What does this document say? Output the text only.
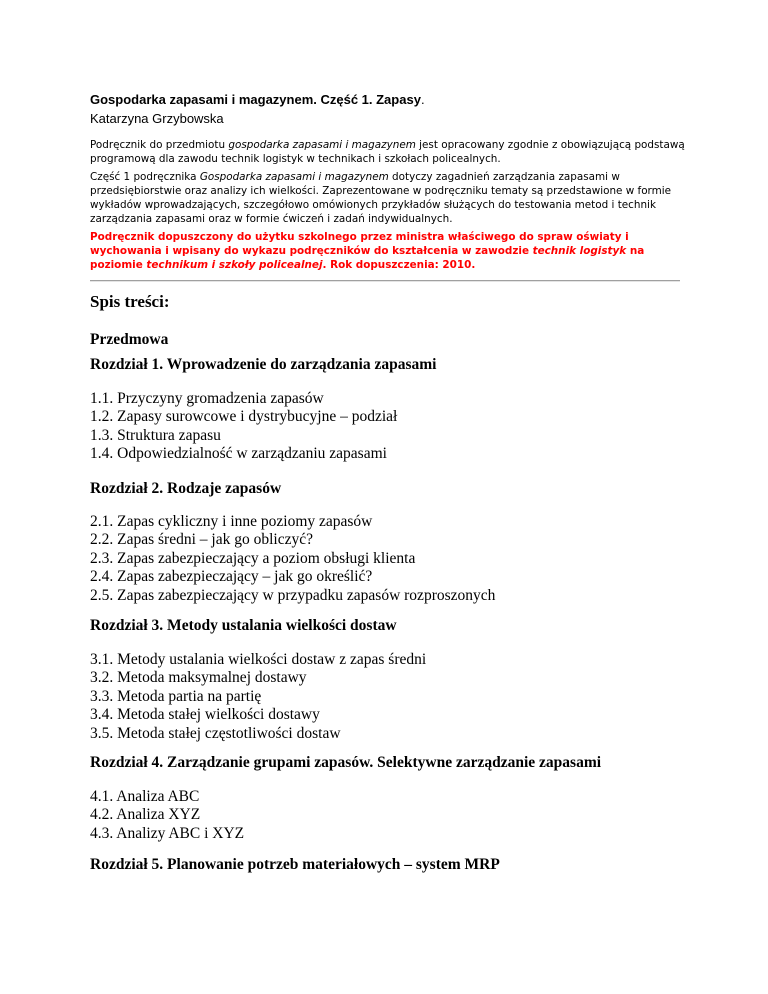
Gospodarka zapasami i magazynem. Część 1. Zapasy.
Katarzyna Grzybowska

Podręcznik do przedmiotu gospodarka zapasami i magazynem jest opracowany zgodnie z obowiązującą podstawą programową dla zawodu technik logistyk w technikach i szkołach policealnych.

Część 1 podręcznika Gospodarka zapasami i magazynem dotyczy zagadnień zarządzania zapasami w przedsiębiorstwie oraz analizy ich wielkości. Zaprezentowane w podręczniku tematy są przedstawione w formie wykładów wprowadzających, szczegółowo omówionych przykładów służących do testowania metod i technik zarządzania zapasami oraz w formie ćwiczeń i zadań indywidualnych.

Podręcznik dopuszczony do użytku szkolnego przez ministra właściwego do spraw oświaty i wychowania i wpisany do wykazu podręczników do kształcenia w zawodzie technik logistyk na poziomie technikum i szkoły policealnej. Rok dopuszczenia: 2010.

Spis treści:
Przedmowa
Rozdział 1. Wprowadzenie do zarządzania zapasami
1.1. Przyczyny gromadzenia zapasów
1.2. Zapasy surowcowe i dystrybucyjne – podział
1.3. Struktura zapasu
1.4. Odpowiedzialność w zarządzaniu zapasami
Rozdział 2. Rodzaje zapasów
2.1. Zapas cykliczny i inne poziomy zapasów
2.2. Zapas średni – jak go obliczyć?
2.3. Zapas zabezpieczający a poziom obsługi klienta
2.4. Zapas zabezpieczający – jak go określić?
2.5. Zapas zabezpieczający w przypadku zapasów rozproszonych
Rozdział 3. Metody ustalania wielkości dostaw
3.1. Metody ustalania wielkości dostaw z zapas średni
3.2. Metoda maksymalnej dostawy
3.3. Metoda partia na partię
3.4. Metoda stałej wielkości dostawy
3.5. Metoda stałej częstotliwości dostaw
Rozdział 4. Zarządzanie grupami zapasów. Selektywne zarządzanie zapasami
4.1. Analiza ABC
4.2. Analiza XYZ
4.3. Analizy ABC i XYZ
Rozdział 5. Planowanie potrzeb materiałowych – system MRP
